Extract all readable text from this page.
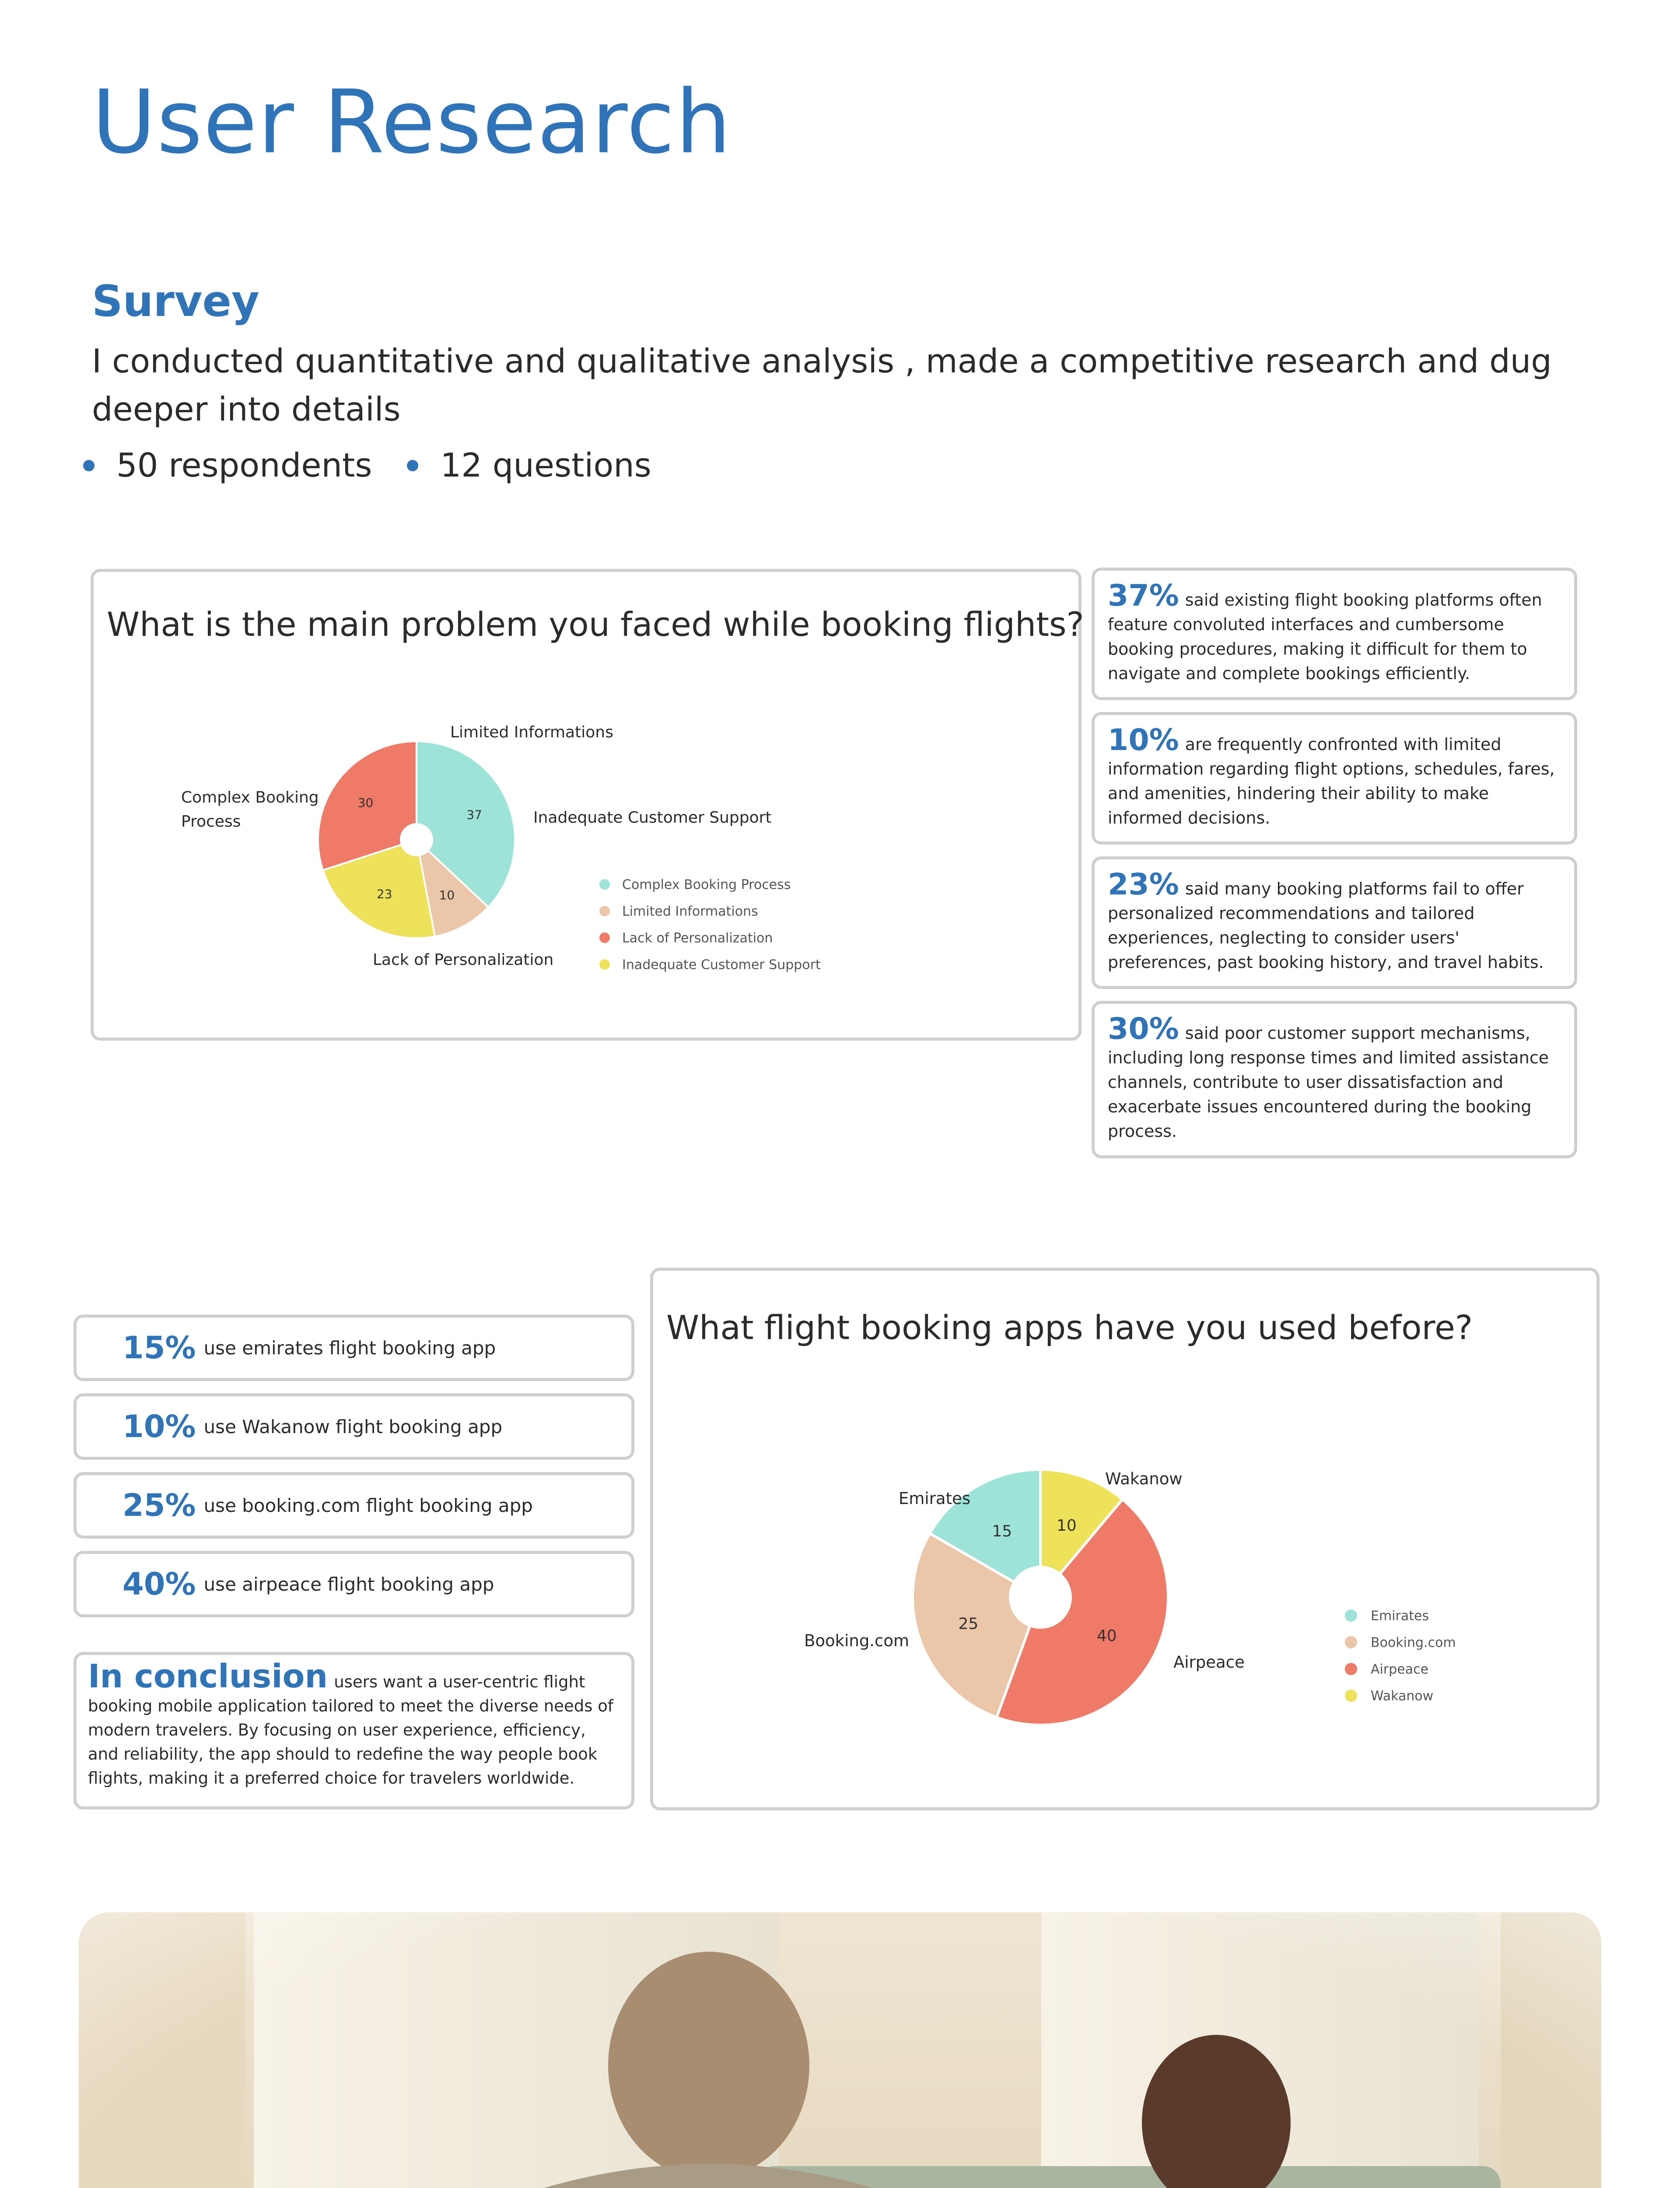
User Research
Survey
I conducted quantitative and qualitative analysis , made a competitive research and dug deeper into details
50 respondents 12 questions
What is the main problem you faced while booking flights?
37
10
23
30
Complex Booking
Process
Limited Informations
Inadequate Customer Support
Lack of Personalization
Complex Booking Process
Limited Informations
Lack of Personalization
Inadequate Customer Support
37% said existing flight booking platforms often feature convoluted interfaces and cumbersome booking procedures, making it difficult for them to navigate and complete bookings efficiently.
10% are frequently confronted with limited information regarding flight options, schedules, fares, and amenities, hindering their ability to make informed decisions.
23% said many booking platforms fail to offer personalized recommendations and tailored experiences, neglecting to consider users' preferences, past booking history, and travel habits.
30% said poor customer support mechanisms, including long response times and limited assistance channels, contribute to user dissatisfaction and exacerbate issues encountered during the booking process.
15% use emirates flight booking app
10% use Wakanow flight booking app
25% use booking.com flight booking app
40% use airpeace flight booking app
In conclusion users want a user-centric flight booking mobile application tailored to meet the diverse needs of modern travelers. By focusing on user experience, efficiency, and reliability, the app should to redefine the way people book flights, making it a preferred choice for travelers worldwide.
What flight booking apps have you used before?
10
40
25
15
Emirates
Wakanow
Booking.com
Airpeace
Emirates
Booking.com
Airpeace
Wakanow
